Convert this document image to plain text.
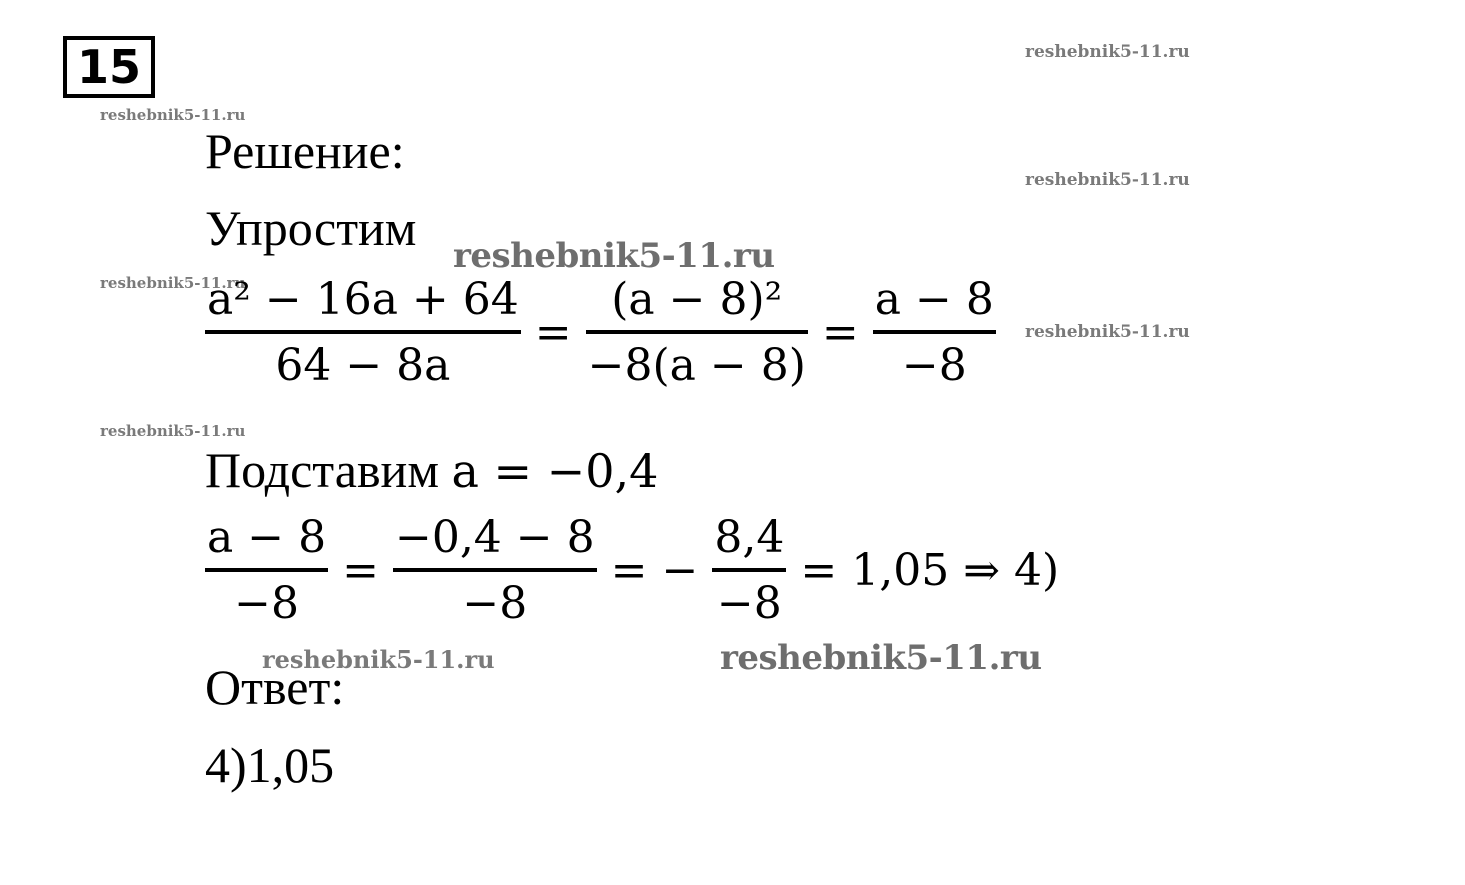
15	reshebnik5-11.ru
reshebnik5-11.ru
reshebnik5-11.ru
reshebnik5-11.ru
reshebnik5-11.ru
reshebnik5-11.ru
reshebnik5-11.ru
reshebnik5-11.ru	reshebnik5-11.ru
Решение:
Упростим
$\frac{\text{a² − 16a + 64}}{64 - 8a} = \frac{\text{(a − 8)²}}{-8(a - 8)} = \frac{a - 8}{-8}$
Подставим a = −0,4
$\frac{a - 8}{-8} = \frac{-0,4 - 8}{-8}$ = − $\frac{8,4}{-8} = 1,05$ ⇒ 4)
Ответ:
4)1,05
